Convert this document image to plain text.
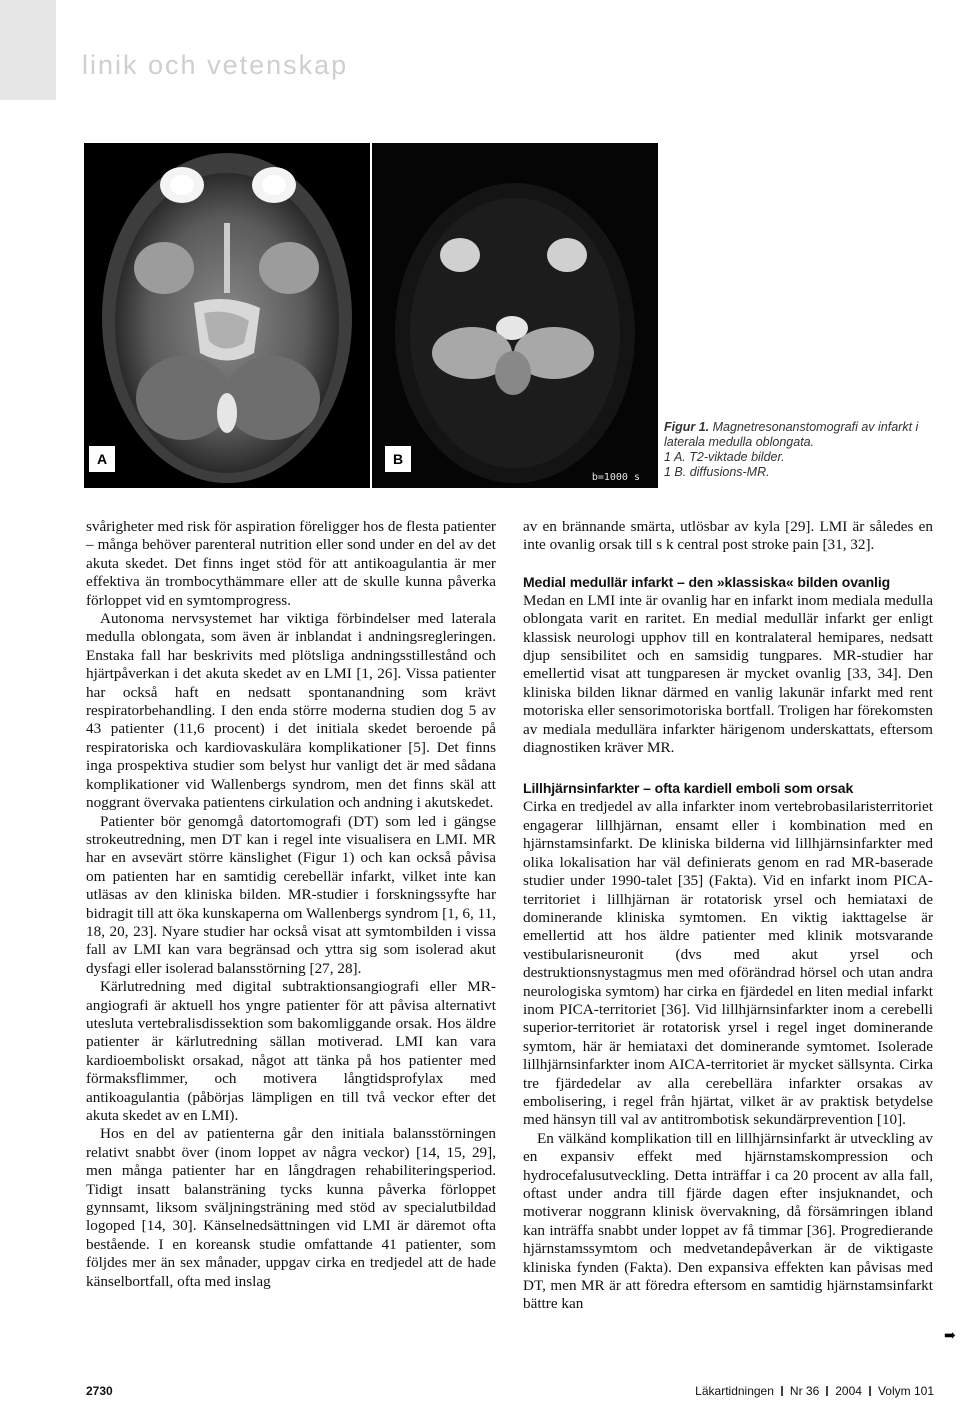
Klinik och vetenskap
A	B
b=1000 s
Figur 1. Magnetresonanstomografi av infarkt i laterala medulla oblongata.
1 A. T2-viktade bilder.
1 B. diffusions-MR.

svårigheter med risk för aspiration föreligger hos de flesta patienter – många behöver parenteral nutrition eller sond under en del av det akuta skedet. Det finns inget stöd för att antikoagulantia är mer effektiva än trombocythämmare eller att de skulle kunna påverka förloppet vid en symtomprogress.

Autonoma nervsystemet har viktiga förbindelser med laterala medulla oblongata, som även är inblandat i andningsregleringen. Enstaka fall har beskrivits med plötsliga andningsstillestånd och hjärtpåverkan i det akuta skedet av en LMI [1, 26]. Vissa patienter har också haft en nedsatt spontanandning som krävt respiratorbehandling. I den enda större moderna studien dog 5 av 43 patienter (11,6 procent) i det initiala skedet beroende på respiratoriska och kardiovaskulära komplikationer [5]. Det finns inga prospektiva studier som belyst hur vanligt det är med sådana komplikationer vid Wallenbergs syndrom, men det finns skäl att noggrant övervaka patientens cirkulation och andning i akutskedet.

Patienter bör genomgå datortomografi (DT) som led i gängse strokeutredning, men DT kan i regel inte visualisera en LMI. MR har en avsevärt större känslighet (Figur 1) och kan också påvisa om patienten har en samtidig cerebellär infarkt, vilket inte kan utläsas av den kliniska bilden. MR-studier i forskningssyfte har bidragit till att öka kunskaperna om Wallenbergs syndrom [1, 6, 11, 18, 20, 23]. Nyare studier har också visat att symtombilden i vissa fall av LMI kan vara begränsad och yttra sig som isolerad akut dysfagi eller isolerad balansstörning [27, 28].

Kärlutredning med digital subtraktionsangiografi eller MR-angiografi är aktuell hos yngre patienter för att påvisa alternativt utesluta vertebralisdissektion som bakomliggande orsak. Hos äldre patienter är kärlutredning sällan motiverad. LMI kan vara kardioemboliskt orsakad, något att tänka på hos patienter med förmaksflimmer, och motivera långtidsprofylax med antikoagulantia (påbörjas lämpligen en till två veckor efter det akuta skedet av en LMI).

Hos en del av patienterna går den initiala balansstörningen relativt snabbt över (inom loppet av några veckor) [14, 15, 29], men många patienter har en långdragen rehabiliteringsperiod. Tidigt insatt balansträning tycks kunna påverka förloppet gynnsamt, liksom sväljningsträning med stöd av specialutbildad logoped [14, 30]. Känselnedsättningen vid LMI är däremot ofta bestående. I en koreansk studie omfattande 41 patienter, som följdes mer än sex månader, uppgav cirka en tredjedel att de hade känselbortfall, ofta med inslag

av en brännande smärta, utlösbar av kyla [29]. LMI är således en inte ovanlig orsak till s k central post stroke pain [31, 32].

Medial medullär infarkt – den »klassiska« bilden ovanlig

Medan en LMI inte är ovanlig har en infarkt inom mediala medulla oblongata varit en raritet. En medial medullär infarkt ger enligt klassisk neurologi upphov till en kontralateral hemipares, nedsatt djup sensibilitet och en samsidig tungpares. MR-studier har emellertid visat att tungparesen är mycket ovanlig [33, 34]. Den kliniska bilden liknar därmed en vanlig lakunär infarkt med rent motoriska eller sensorimotoriska bortfall. Troligen har förekomsten av mediala medullära infarkter härigenom underskattats, eftersom diagnostiken kräver MR.

Lillhjärnsinfarkter – ofta kardiell emboli som orsak

Cirka en tredjedel av alla infarkter inom vertebrobasilaristerritoriet engagerar lillhjärnan, ensamt eller i kombination med en hjärnstamsinfarkt. De kliniska bilderna vid lillhjärnsinfarkter med olika lokalisation har väl definierats genom en rad MR-baserade studier under 1990-talet [35] (Fakta). Vid en infarkt inom PICA-territoriet i lillhjärnan är rotatorisk yrsel och hemiataxi de dominerande kliniska symtomen. En viktig iakttagelse är emellertid att hos äldre patienter med klinik motsvarande vestibularisneuronit (dvs med akut yrsel och destruktionsnystagmus men med oförändrad hörsel och utan andra neurologiska symtom) har cirka en fjärdedel en liten medial infarkt inom PICA-territoriet [36]. Vid lillhjärnsinfarkter inom a cerebelli superior-territoriet är rotatorisk yrsel i regel inget dominerande symtom, här är hemiataxi det dominerande symtomet. Isolerade lillhjärnsinfarkter inom AICA-territoriet är mycket sällsynta. Cirka tre fjärdedelar av alla cerebellära infarkter orsakas av embolisering, i regel från hjärtat, vilket är av praktisk betydelse med hänsyn till val av antitrombotisk sekundärprevention [10].

En välkänd komplikation till en lillhjärnsinfarkt är utveckling av en expansiv effekt med hjärnstamskompression och hydrocefalusutveckling. Detta inträffar i ca 20 procent av alla fall, oftast under andra till fjärde dagen efter insjuknandet, och motiverar noggrann klinisk övervakning, då försämringen ibland kan inträffa snabbt under loppet av få timmar [36]. Progredierande hjärnstamssymtom och medvetandepåverkan är de viktigaste kliniska fynden (Fakta). Den expansiva effekten kan påvisas med DT, men MR är att föredra eftersom en samtidig hjärnstamsinfarkt bättre kan

➡
2730	Läkartidningen Nr 36 2004 Volym 101
